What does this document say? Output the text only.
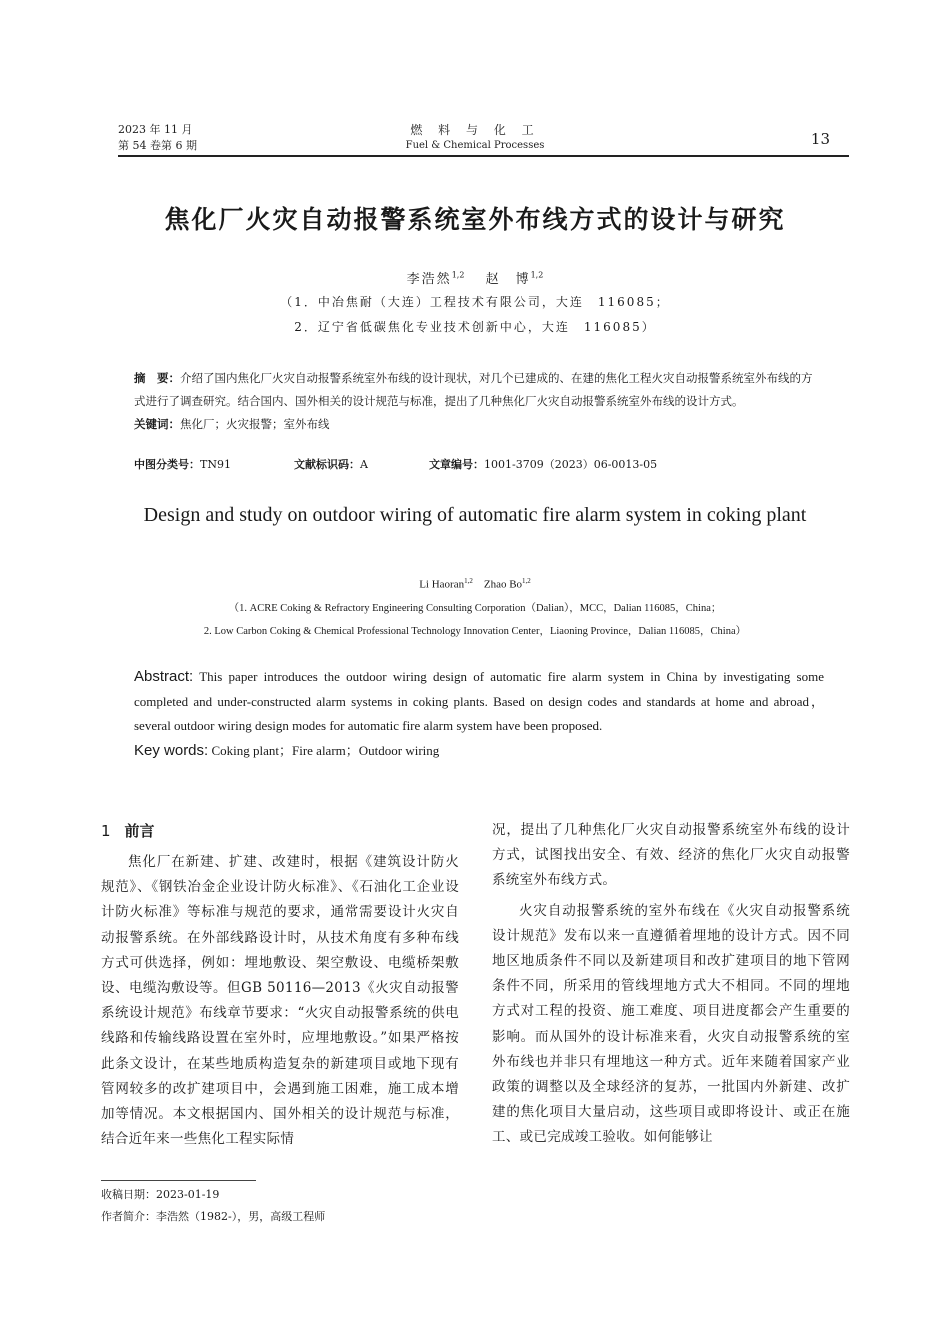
2023 年 11 月
第 54 卷第 6 期
燃 料 与 化 工
Fuel & Chemical Processes	13
焦化厂火灾自动报警系统室外布线方式的设计与研究
李浩然$^{1,2}$　 赵　博$^{1,2}$
（1．中冶焦耐（大连）工程技术有限公司，大连　116085；
2．辽宁省低碳焦化专业技术创新中心，大连　116085）
摘　要：介绍了国内焦化厂火灾自动报警系统室外布线的设计现状，对几个已建成的、在建的焦化工程火灾自动报警系统室外布线的方式进行了调查研究。结合国内、国外相关的设计规范与标准，提出了几种焦化厂火灾自动报警系统室外布线的设计方式。
关键词：焦化厂；火灾报警；室外布线
中图分类号：TN91	文献标识码：A	文章编号：1001-3709（2023）06-0013-05
Design and study on outdoor wiring of automatic fire alarm system in coking plant
Li Haoran$^{1,2}$ Zhao Bo$^{1,2}$
（1. ACRE Coking & Refractory Engineering Consulting Corporation（Dalian），MCC，Dalian 116085，China；
2. Low Carbon Coking & Chemical Professional Technology Innovation Center，Liaoning Province，Dalian 116085，China）
Abstract: This paper introduces the outdoor wiring design of automatic fire alarm system in China by investigating some completed and under-constructed alarm systems in coking plants. Based on design codes and standards at home and abroad，several outdoor wiring design modes for automatic fire alarm system have been proposed.
Key words: Coking plant；Fire alarm；Outdoor wiring
1 前言

焦化厂在新建、扩建、改建时，根据《建筑设计防火规范》、《钢铁冶金企业设计防火标准》、《石油化工企业设计防火标准》等标准与规范的要求，通常需要设计火灾自动报警系统。在外部线路设计时，从技术角度有多种布线方式可供选择，例如：埋地敷设、架空敷设、电缆桥架敷设、电缆沟敷设等。但GB 50116—2013《火灾自动报警系统设计规范》布线章节要求：“火灾自动报警系统的供电线路和传输线路设置在室外时，应埋地敷设。”如果严格按此条文设计，在某些地质构造复杂的新建项目或地下现有管网较多的改扩建项目中，会遇到施工困难，施工成本增加等情况。本文根据国内、国外相关的设计规范与标准，结合近年来一些焦化工程实际情

况，提出了几种焦化厂火灾自动报警系统室外布线的设计方式，试图找出安全、有效、经济的焦化厂火灾自动报警系统室外布线方式。

火灾自动报警系统的室外布线在《火灾自动报警系统设计规范》发布以来一直遵循着埋地的设计方式。因不同地区地质条件不同以及新建项目和改扩建项目的地下管网条件不同，所采用的管线埋地方式大不相同。不同的埋地方式对工程的投资、施工难度、项目进度都会产生重要的影响。而从国外的设计标准来看，火灾自动报警系统的室外布线也并非只有埋地这一种方式。近年来随着国家产业政策的调整以及全球经济的复苏，一批国内外新建、改扩建的焦化项目大量启动，这些项目或即将设计、或正在施工、或已完成竣工验收。如何能够让

收稿日期：2023-01-19
作者简介：李浩然（1982-），男，高级工程师
